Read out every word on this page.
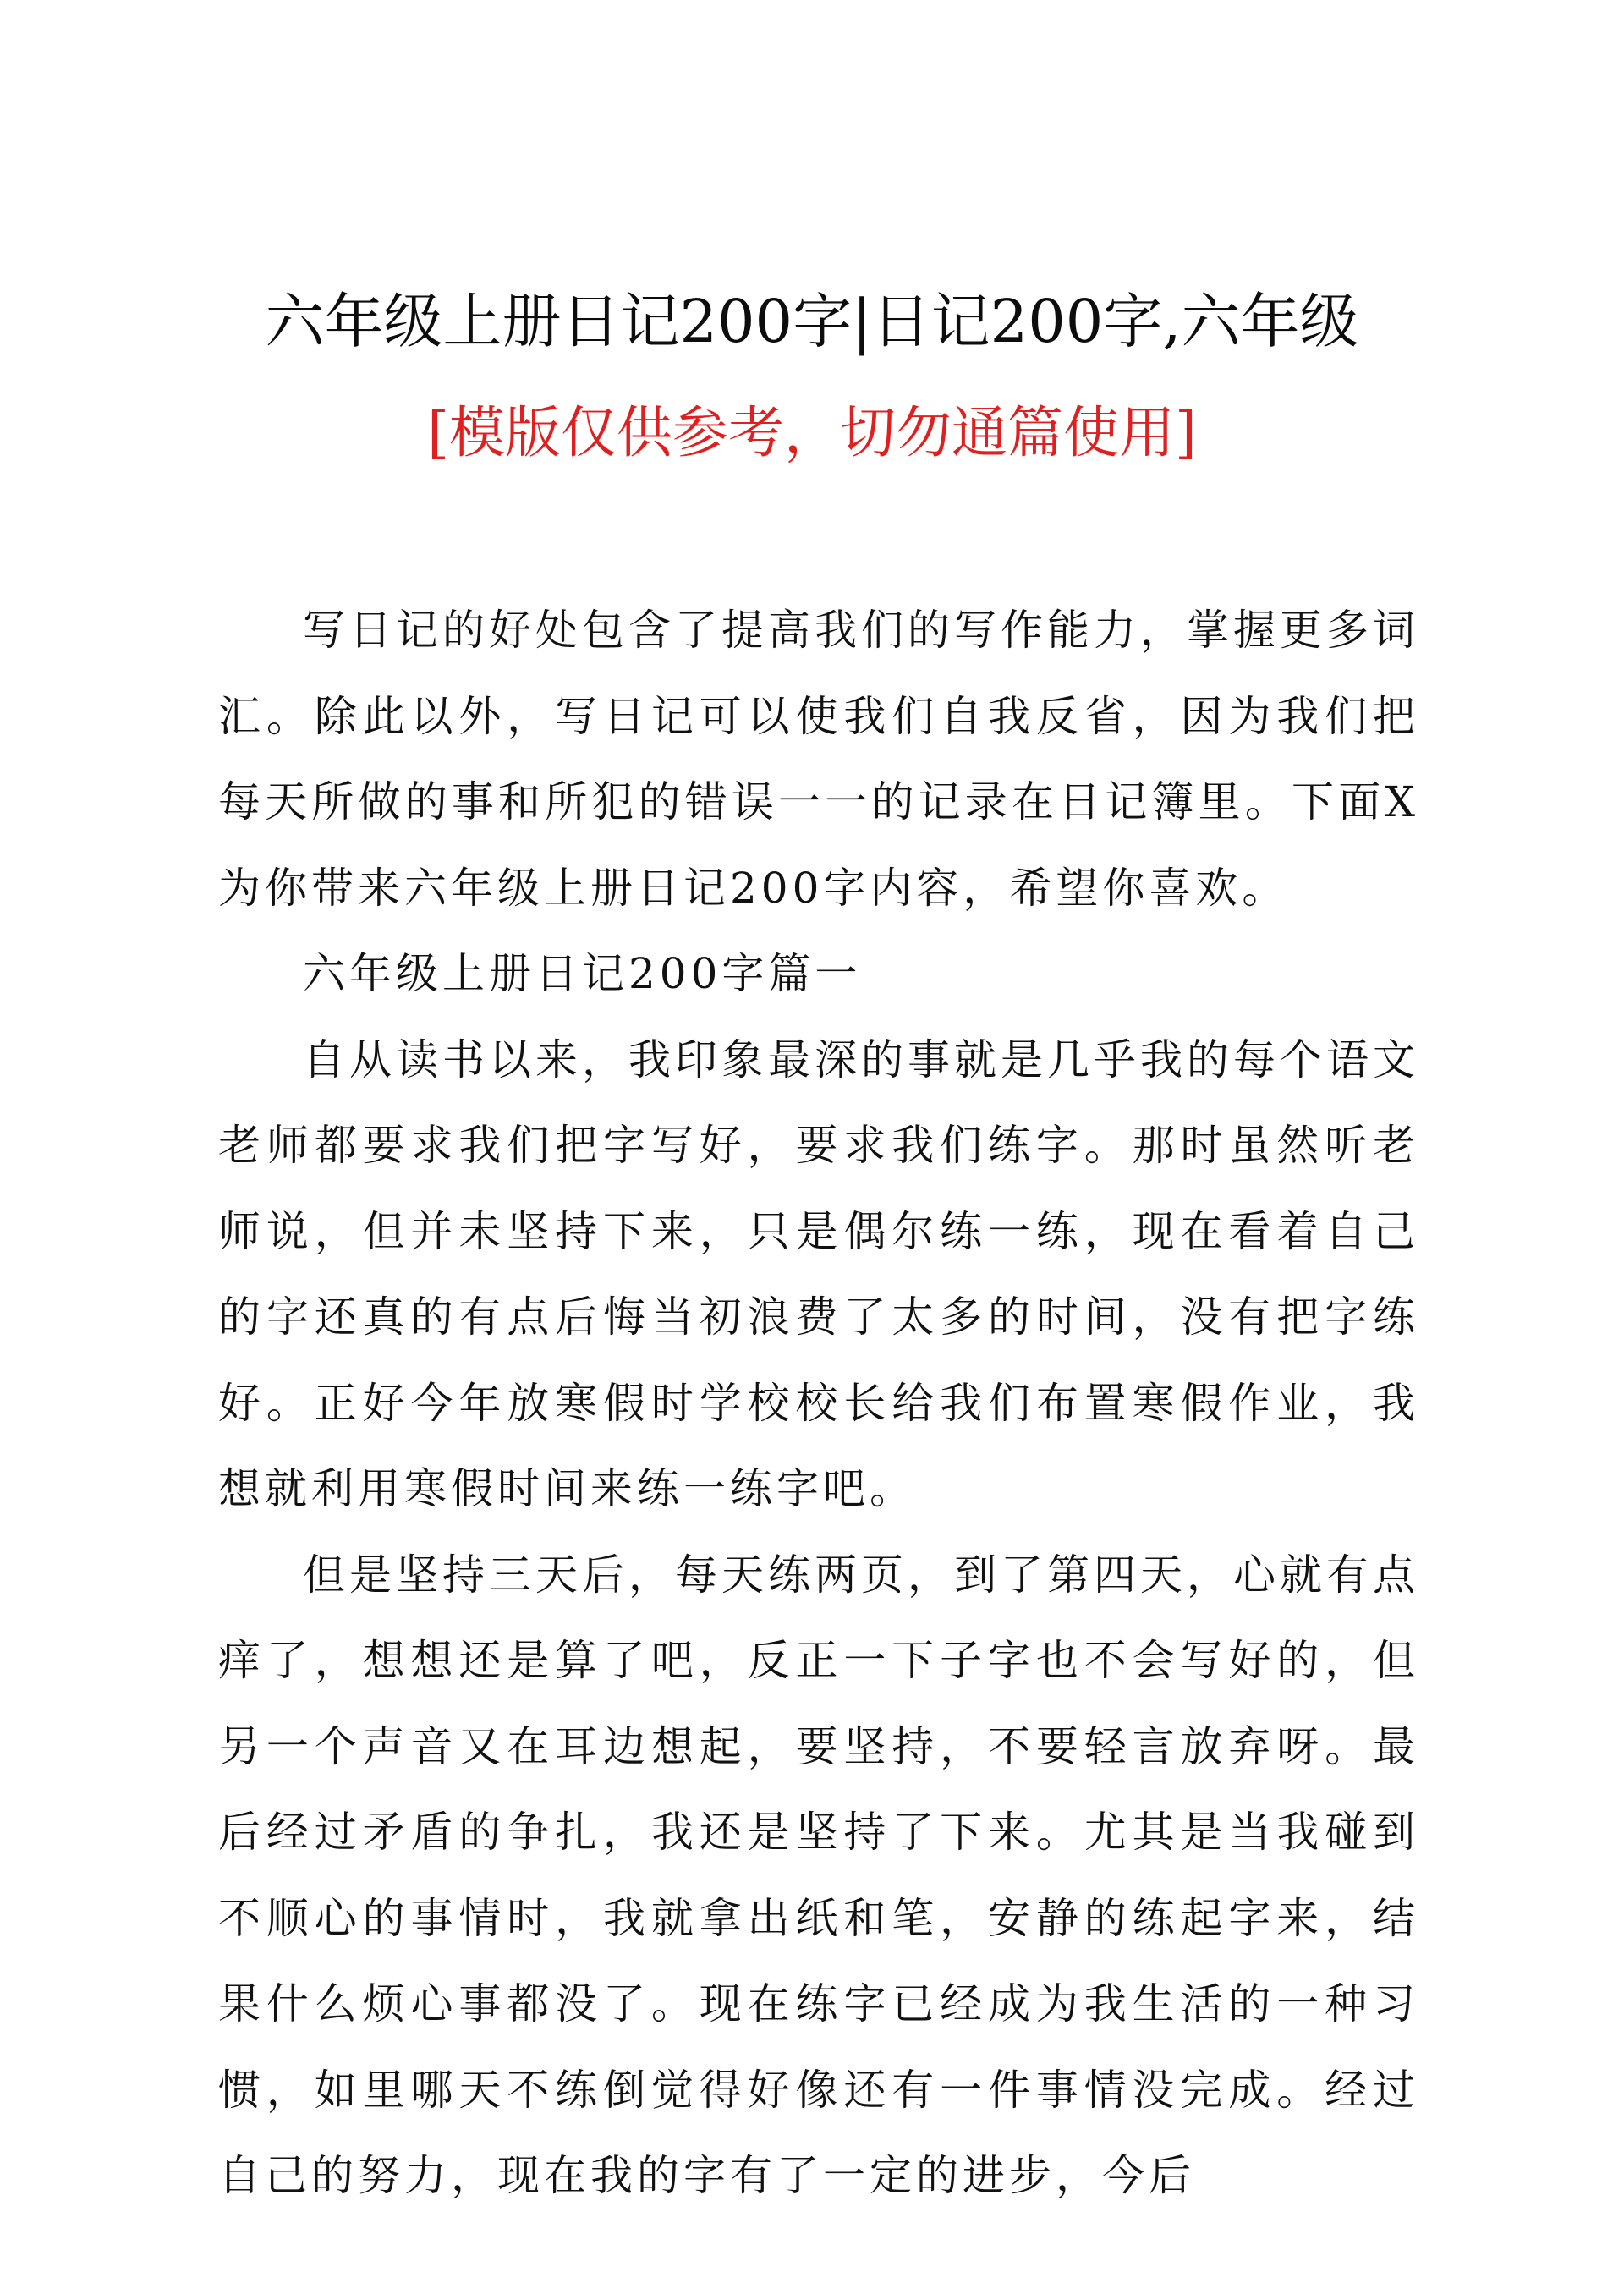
六年级上册日记200字|日记200字,六年级
[模版仅供参考，切勿通篇使用]

写日记的好处包含了提高我们的写作能力，掌握更多词汇。除此以外，写日记可以使我们自我反省，因为我们把每天所做的事和所犯的错误一一的记录在日记簿里。下面X为你带来六年级上册日记200字内容，希望你喜欢。

六年级上册日记200字篇一

自从读书以来，我印象最深的事就是几乎我的每个语文老师都要求我们把字写好，要求我们练字。那时虽然听老师说，但并未坚持下来，只是偶尔练一练，现在看着自己的字还真的有点后悔当初浪费了太多的时间，没有把字练好。正好今年放寒假时学校校长给我们布置寒假作业，我想就利用寒假时间来练一练字吧。

但是坚持三天后，每天练两页，到了第四天，心就有点痒了，想想还是算了吧，反正一下子字也不会写好的，但另一个声音又在耳边想起，要坚持，不要轻言放弃呀。最后经过矛盾的争扎，我还是坚持了下来。尤其是当我碰到不顺心的事情时，我就拿出纸和笔，安静的练起字来，结果什么烦心事都没了。现在练字已经成为我生活的一种习惯，如里哪天不练倒觉得好像还有一件事情没完成。经过自己的努力，现在我的字有了一定的进步，今后
